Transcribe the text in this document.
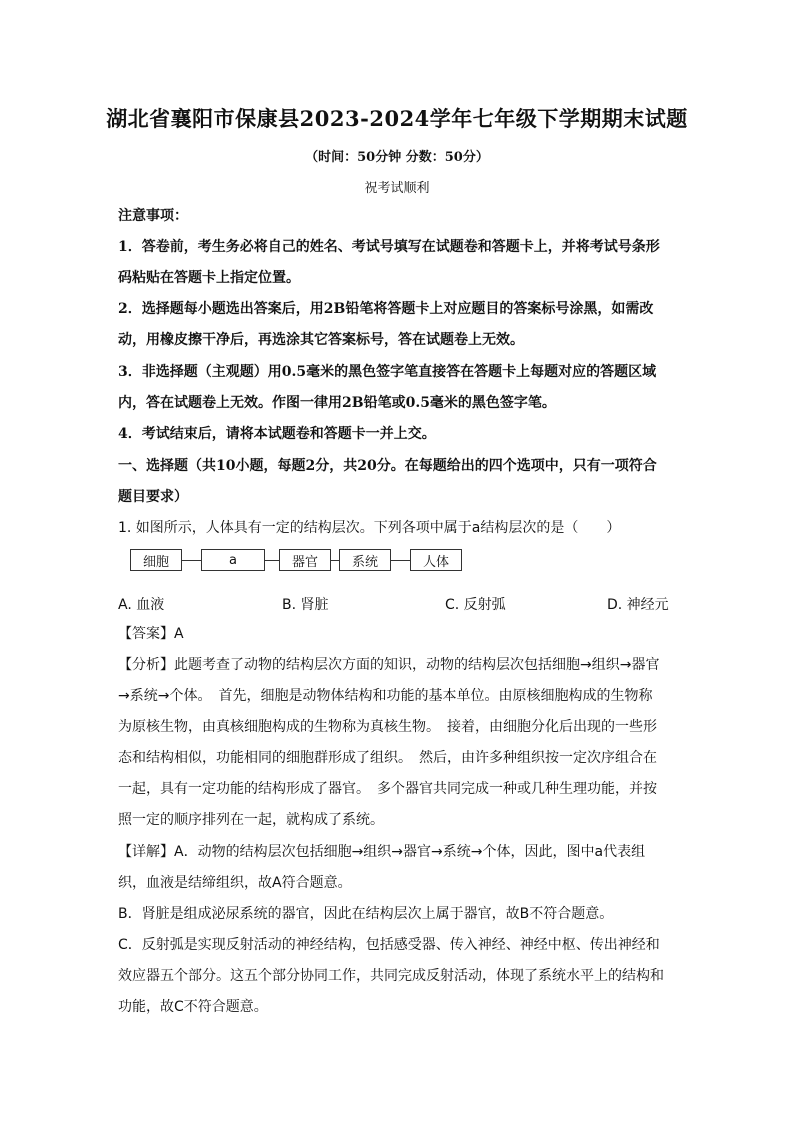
湖北省襄阳市保康县2023-2024学年七年级下学期期末试题
（时间：50分钟 分数：50分）
祝考试顺利
注意事项：
1．答卷前，考生务必将自己的姓名、考试号填写在试题卷和答题卡上，并将考试号条形
码粘贴在答题卡上指定位置。
2．选择题每小题选出答案后，用2B铅笔将答题卡上对应题目的答案标号涂黑，如需改
动，用橡皮擦干净后，再选涂其它答案标号，答在试题卷上无效。
3．非选择题（主观题）用0.5毫米的黑色签字笔直接答在答题卡上每题对应的答题区域
内，答在试题卷上无效。作图一律用2B铅笔或0.5毫米的黑色签字笔。
4．考试结束后，请将本试题卷和答题卡一并上交。
一、选择题（共10小题，每题2分，共20分。在每题给出的四个选项中，只有一项符合
题目要求）
1. 如图所示，人体具有一定的结构层次。下列各项中属于a结构层次的是（　　）
细胞	a	器官	系统	人体
A. 血液	B. 肾脏	C. 反射弧	D. 神经元
【答案】A
【分析】此题考查了动物的结构层次方面的知识，动物的结构层次包括细胞→组织→器官
→系统→个体。　首先，细胞是动物体结构和功能的基本单位。由原核细胞构成的生物称
为原核生物，由真核细胞构成的生物称为真核生物。　接着，由细胞分化后出现的一些形
态和结构相似，功能相同的细胞群形成了组织。　然后，由许多种组织按一定次序组合在
一起，具有一定功能的结构形成了器官。　多个器官共同完成一种或几种生理功能，并按
照一定的顺序排列在一起，就构成了系统。
【详解】A．动物的结构层次包括细胞→组织→器官→系统→个体，因此，图中a代表组
织，血液是结缔组织，故A符合题意。
B．肾脏是组成泌尿系统的器官，因此在结构层次上属于器官，故B不符合题意。
C．反射弧是实现反射活动的神经结构，包括感受器、传入神经、神经中枢、传出神经和
效应器五个部分。这五个部分协同工作，共同完成反射活动，体现了系统水平上的结构和
功能，故C不符合题意。
